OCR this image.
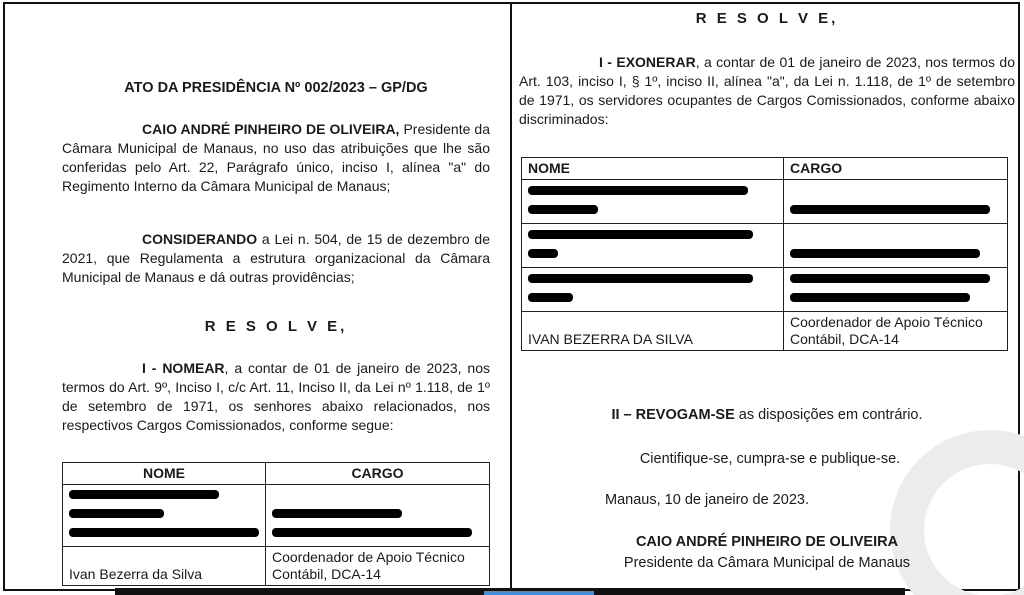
ATO DA PRESIDÊNCIA Nº 002/2023 – GP/DG

CAIO ANDRÉ PINHEIRO DE OLIVEIRA, Presidente da Câmara Municipal de Manaus, no uso das atribuições que lhe são conferidas pelo Art. 22, Parágrafo único, inciso I, alínea "a" do Regimento Interno da Câmara Municipal de Manaus;

CONSIDERANDO a Lei n. 504, de 15 de dezembro de 2021, que Regulamenta a estrutura organizacional da Câmara Municipal de Manaus e dá outras providências;

R E S O L V E,

I - NOMEAR, a contar de 01 de janeiro de 2023, nos termos do Art. 9º, Inciso I, c/c Art. 11, Inciso II, da Lei nº 1.118, de 1º de setembro de 1971, os senhores abaixo relacionados, nos respectivos Cargos Comissionados, conforme segue:

NOME	CARGO

Ivan Bezerra da Silva	Coordenador de Apoio Técnico Contábil, DCA-14
R E S O L V E,

I - EXONERAR, a contar de 01 de janeiro de 2023, nos termos do Art. 103, inciso I, § 1º, inciso II, alínea "a", da Lei n. 1.118, de 1º de setembro de 1971, os servidores ocupantes de Cargos Comissionados, conforme abaixo discriminados:

NOME	CARGO

IVAN BEZERRA DA SILVA	Coordenador de Apoio Técnico Contábil, DCA-14

II – REVOGAM-SE as disposições em contrário.

Cientifique-se, cumpra-se e publique-se.

Manaus, 10 de janeiro de 2023.

CAIO ANDRÉ PINHEIRO DE OLIVEIRA

Presidente da Câmara Municipal de Manaus
